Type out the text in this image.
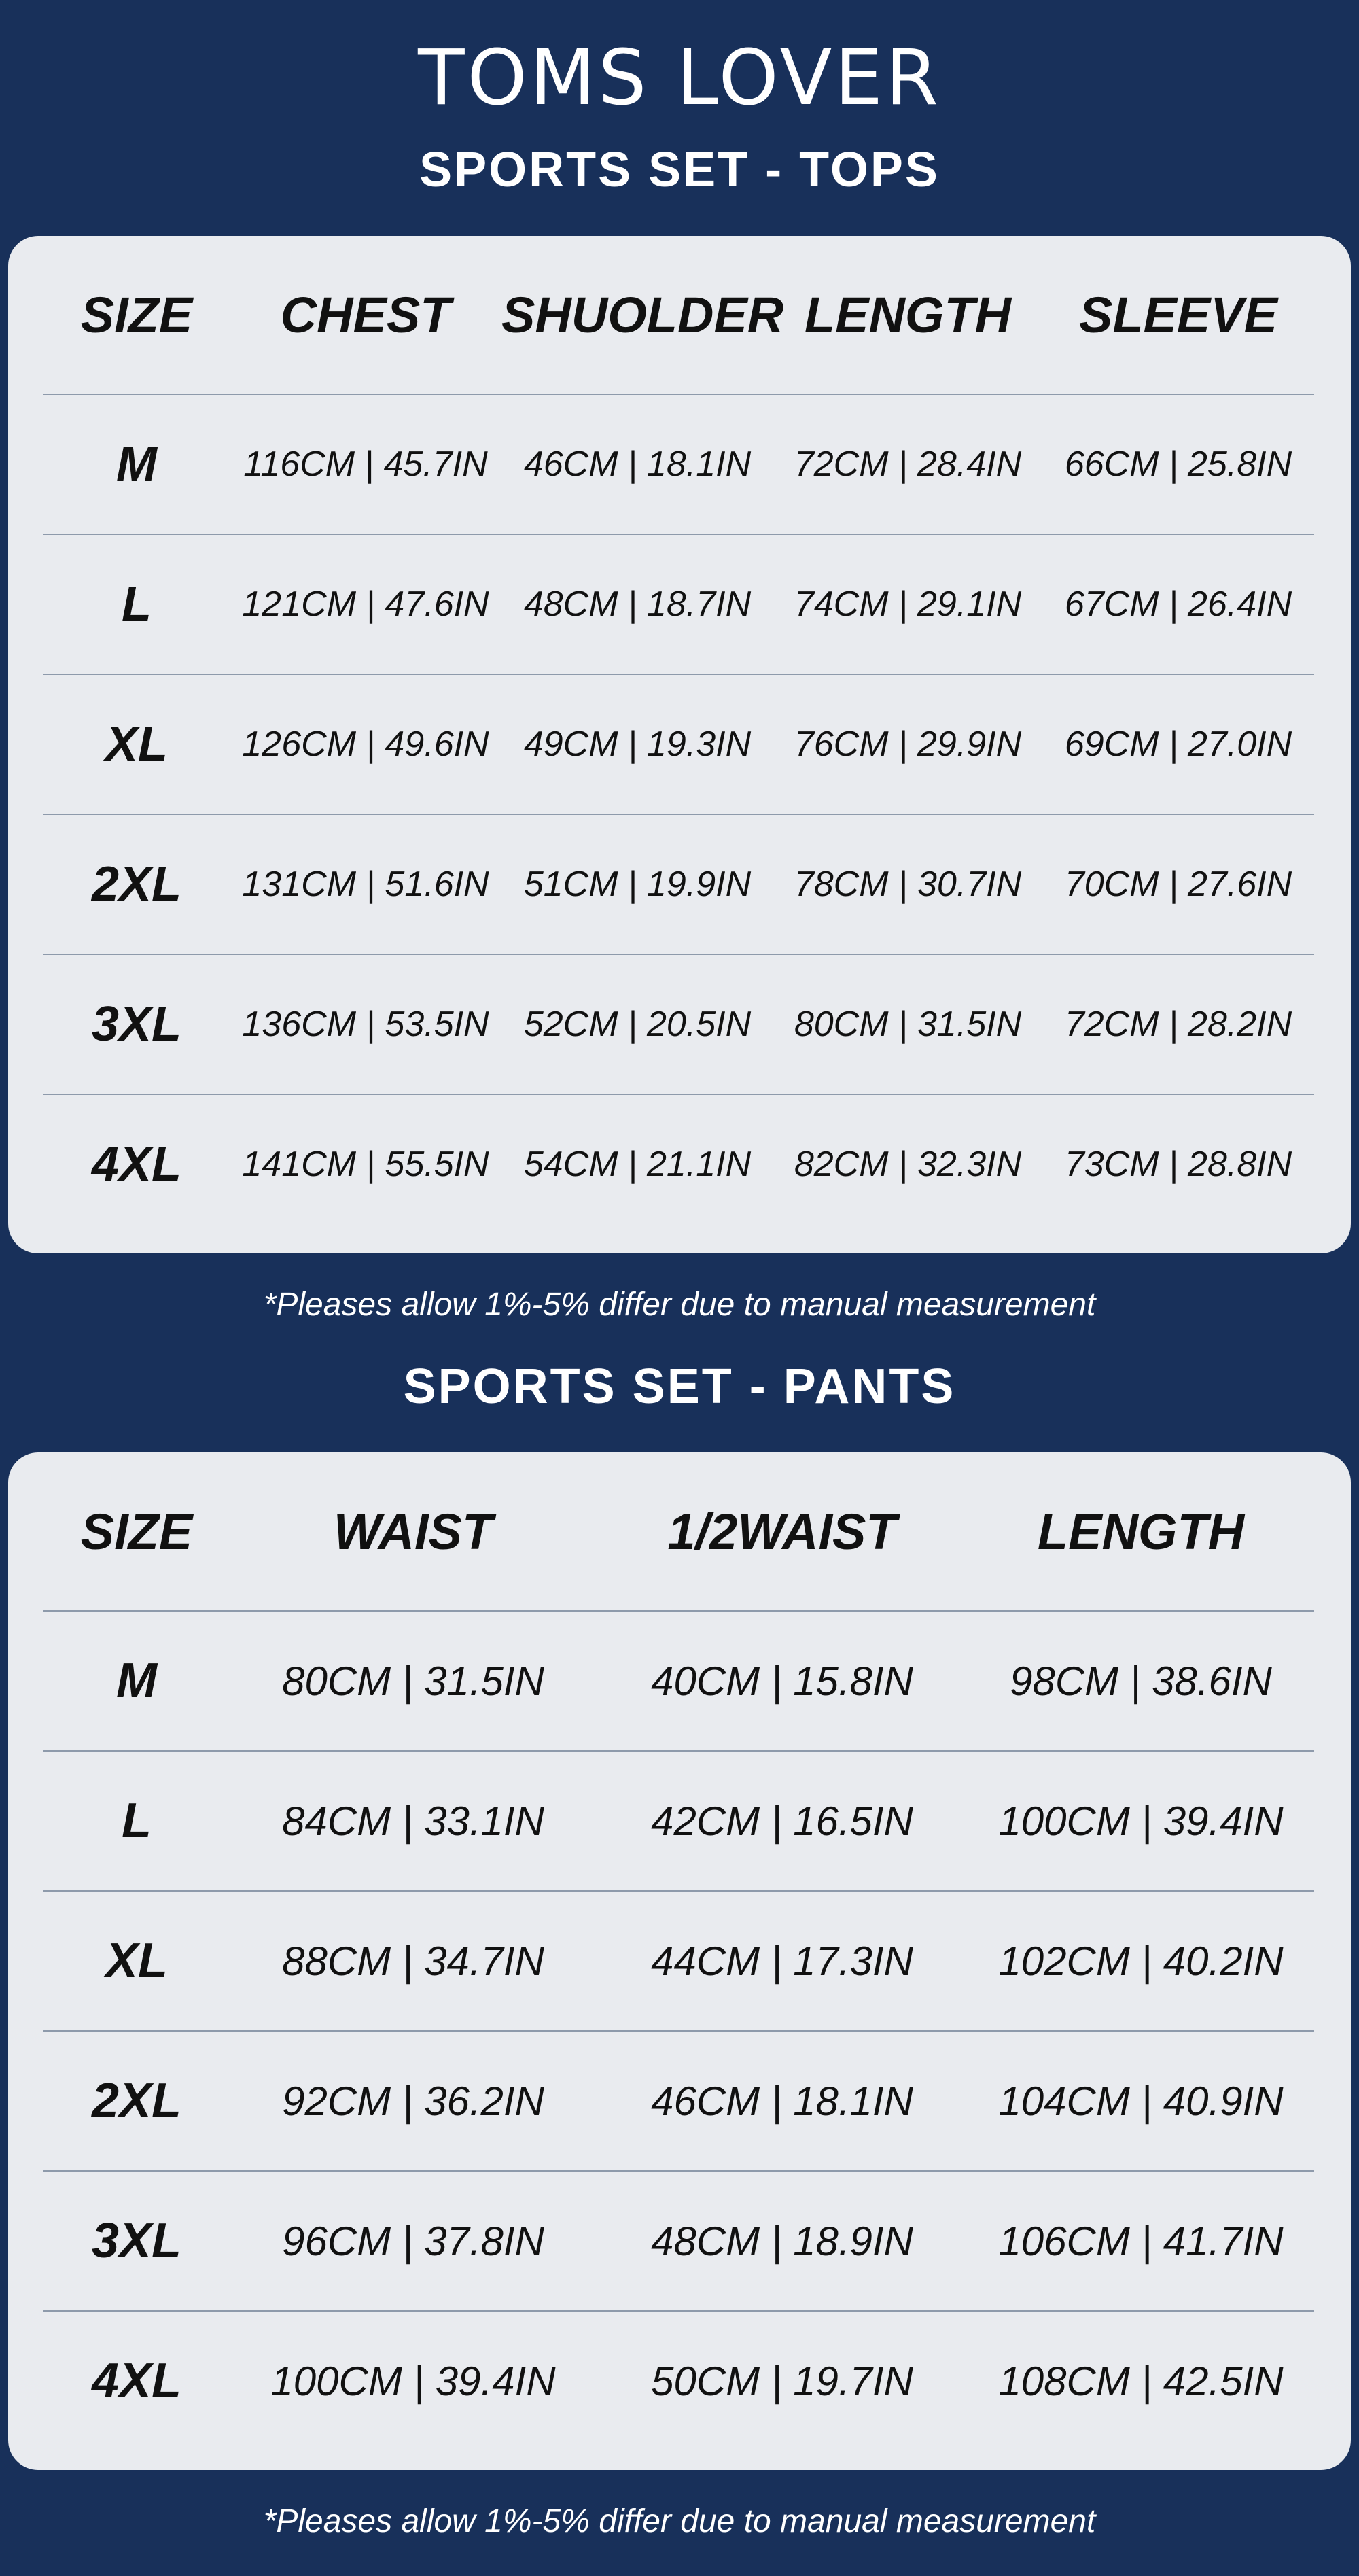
TOMS LOVER
SPORTS SET - TOPS
SIZE	CHEST	SHUOLDER	LENGTH	SLEEVE
M	116CM | 45.7IN	46CM | 18.1IN	72CM | 28.4IN	66CM | 25.8IN
L	121CM | 47.6IN	48CM | 18.7IN	74CM | 29.1IN	67CM | 26.4IN
XL	126CM | 49.6IN	49CM | 19.3IN	76CM | 29.9IN	69CM | 27.0IN
2XL	131CM | 51.6IN	51CM | 19.9IN	78CM | 30.7IN	70CM | 27.6IN
3XL	136CM | 53.5IN	52CM | 20.5IN	80CM | 31.5IN	72CM | 28.2IN
4XL	141CM | 55.5IN	54CM | 21.1IN	82CM | 32.3IN	73CM | 28.8IN
*Pleases allow 1%-5% differ due to manual measurement
SPORTS SET - PANTS
SIZE	WAIST	1/2WAIST	LENGTH
M	80CM | 31.5IN	40CM | 15.8IN	98CM | 38.6IN
L	84CM | 33.1IN	42CM | 16.5IN	100CM | 39.4IN
XL	88CM | 34.7IN	44CM | 17.3IN	102CM | 40.2IN
2XL	92CM | 36.2IN	46CM | 18.1IN	104CM | 40.9IN
3XL	96CM | 37.8IN	48CM | 18.9IN	106CM | 41.7IN
4XL	100CM | 39.4IN	50CM | 19.7IN	108CM | 42.5IN
*Pleases allow 1%-5% differ due to manual measurement
